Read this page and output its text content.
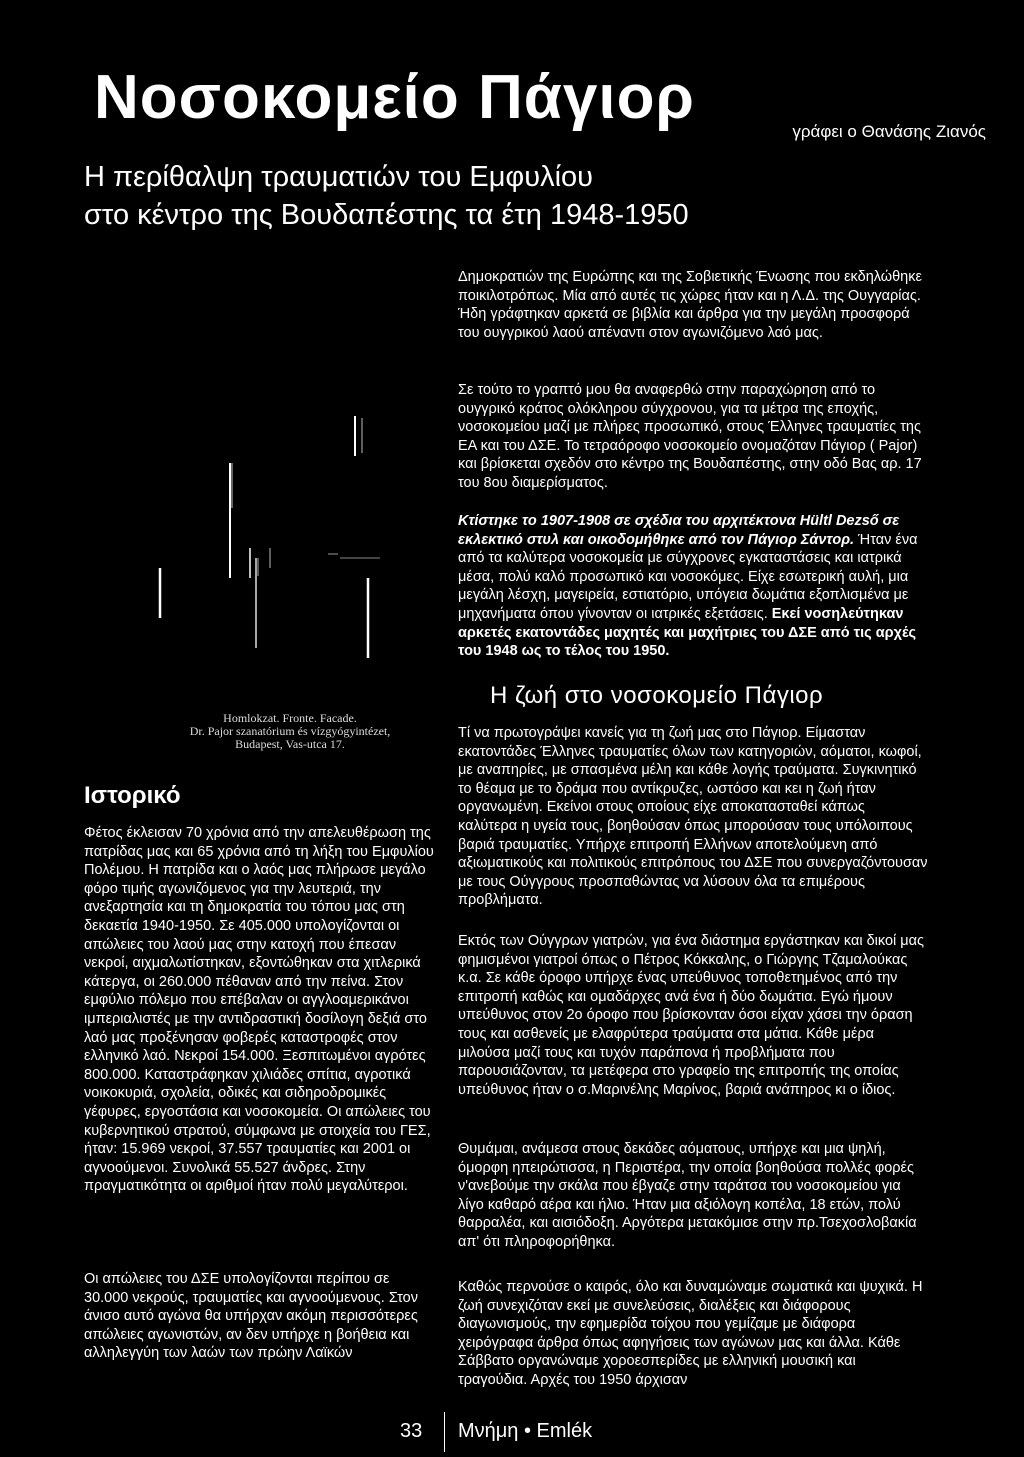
Νοσοκομείο Πάγιορ	γράφει ο Θανάσης Ζιανός
Η περίθαλψη τραυματιών του Εμφυλίου
στο κέντρο της Βουδαπέστης τα έτη 1948-1950
Homlokzat. Fronte. Facade.
Dr. Pajor szanatórium és vízgyógyintézet,
Budapest, Vas-utca 17.

Δημοκρατιών της Ευρώπης και της Σοβιετικής Ένωσης που εκδηλώθηκε ποικιλοτρόπως. Μία από αυτές τις χώρες ήταν και η Λ.Δ. της Ουγγαρίας. Ήδη γράφτηκαν αρκετά σε βιβλία και άρθρα για την μεγάλη προσφορά του ουγγρικού λαού απέναντι στον αγωνιζόμενο λαό μας.

Σε τούτο το γραπτό μου θα αναφερθώ στην παραχώρηση από το ουγγρικό κράτος ολόκληρου σύγχρονου, για τα μέτρα της εποχής, νοσοκομείου μαζί με πλήρες προσωπικό, στους Έλληνες τραυματίες της ΕΑ και του ΔΣΕ. Το τετραόροφο νοσοκομείο ονομαζόταν Πάγιορ ( Pajor) και βρίσκεται σχεδόν στο κέντρο της Βουδαπέστης, στην οδό Βας αρ. 17 του 8ου διαμερίσματος.

Κτίστηκε το 1907-1908 σε σχέδια του αρχιτέκτονα Hültl Dezső σε εκλεκτικό στυλ και οικοδομήθηκε από τον Πάγιορ Σάντορ. Ήταν ένα από τα καλύτερα νοσοκομεία με σύγχρονες εγκαταστάσεις και ιατρικά μέσα, πολύ καλό προσωπικό και νοσοκόμες. Είχε εσωτερική αυλή, μια μεγάλη λέσχη, μαγειρεία, εστιατόριο, υπόγεια δωμάτια εξοπλισμένα με μηχανήματα όπου γίνονταν οι ιατρικές εξετάσεις. Εκεί νοσηλεύτηκαν αρκετές εκατοντάδες μαχητές και μαχήτριες του ΔΣΕ από τις αρχές του 1948 ως το τέλος του 1950.

Η ζωή στο νοσοκομείο Πάγιορ

Τί να πρωτογράψει κανείς για τη ζωή μας στο Πάγιορ. Είμασταν εκατοντάδες Έλληνες τραυματίες όλων των κατηγοριών, αόματοι, κωφοί, με αναπηρίες, με σπασμένα μέλη και κάθε λογής τραύματα. Συγκινητικό το θέαμα με το δράμα που αντίκρυζες, ωστόσο και κει η ζωή ήταν οργανωμένη. Εκείνοι στους οποίους είχε αποκατασταθεί κάπως καλύτερα η υγεία τους, βοηθούσαν όπως μπορούσαν τους υπόλοιπους βαριά τραυματίες. Υπήρχε επιτροπή Ελλήνων αποτελούμενη από αξιωματικούς και πολιτικούς επιτρόπους του ΔΣΕ που συνεργαζόντουσαν με τους Ούγγρους προσπαθώντας να λύσουν όλα τα επιμέρους προβλήματα.

Εκτός των Ούγγρων γιατρών, για ένα διάστημα εργάστηκαν και δικοί μας φημισμένοι γιατροί όπως ο Πέτρος Κόκκαλης, ο Γιώργης Τζαμαλούκας κ.α. Σε κάθε όροφο υπήρχε ένας υπεύθυνος τοποθετημένος από την επιτροπή καθώς και ομαδάρχες ανά ένα ή δύο δωμάτια. Εγώ ήμουν υπεύθυνος στον 2ο όροφο που βρίσκονταν όσοι είχαν χάσει την όραση τους και ασθενείς με ελαφρύτερα τραύματα στα μάτια. Κάθε μέρα μιλούσα μαζί τους και τυχόν παράπονα ή προβλήματα που παρουσιάζονταν, τα μετέφερα στο γραφείο της επιτροπής της οποίας υπεύθυνος ήταν ο σ.Μαρινέλης Μαρίνος, βαριά ανάπηρος κι ο ίδιος.

Θυμάμαι, ανάμεσα στους δεκάδες αόματους, υπήρχε και μια ψηλή, όμορφη ηπειρώτισσα, η Περιστέρα, την οποία βοηθούσα πολλές φορές ν'ανεβούμε την σκάλα που έβγαζε στην ταράτσα του νοσοκομείου για λίγο καθαρό αέρα και ήλιο. Ήταν μια αξιόλογη κοπέλα, 18 ετών, πολύ θαρραλέα, και αισιόδοξη. Αργότερα μετακόμισε στην πρ.Τσεχοσλοβακία απ' ότι πληροφορήθηκα.

Καθώς περνούσε ο καιρός, όλο και δυναμώναμε σωματικά και ψυχικά. Η ζωή συνεχιζόταν εκεί με συνελεύσεις, διαλέξεις και διάφορους διαγωνισμούς, την εφημερίδα τοίχου που γεμίζαμε με διάφορα χειρόγραφα άρθρα όπως αφηγήσεις των αγώνων μας και άλλα. Κάθε Σάββατο οργανώναμε χοροεσπερίδες με ελληνική μουσική και τραγούδια. Αρχές του 1950 άρχισαν

Ιστορικό

Φέτος έκλεισαν 70 χρόνια από την απελευθέρωση της πατρίδας μας και 65 χρόνια από τη λήξη του Εμφυλίου Πολέμου. Η πατρίδα και ο λαός μας πλήρωσε μεγάλο φόρο τιμής αγωνιζόμενος για την λευτεριά, την ανεξαρτησία και τη δημοκρατία του τόπου μας στη δεκαετία 1940-1950. Σε 405.000 υπολογίζονται οι απώλειες του λαού μας στην κατοχή που έπεσαν νεκροί, αιχμαλωτίστηκαν, εξοντώθηκαν στα χιτλερικά κάτεργα, οι 260.000 πέθαναν από την πείνα. Στον εμφύλιο πόλεμο που επέβαλαν οι αγγλοαμερικάνοι ιμπεριαλιστές με την αντιδραστική δοσίλογη δεξιά στο λαό μας προξένησαν φοβερές καταστροφές στον ελληνικό λαό. Νεκροί 154.000. Ξεσπιτωμένοι αγρότες 800.000. Καταστράφηκαν χιλιάδες σπίτια, αγροτικά νοικοκυριά, σχολεία, οδικές και σιδηροδρομικές γέφυρες, εργοστάσια και νοσοκομεία. Οι απώλειες του κυβερνητικού στρατού, σύμφωνα με στοιχεία του ΓΕΣ, ήταν: 15.969 νεκροί, 37.557 τραυματίες και 2001 οι αγνοούμενοι. Συνολικά 55.527 άνδρες. Στην πραγματικότητα οι αριθμοί ήταν πολύ μεγαλύτεροι.

Οι απώλειες του ΔΣΕ υπολογίζονται περίπου σε 30.000 νεκρούς, τραυματίες και αγνοούμενους. Στον άνισο αυτό αγώνα θα υπήρχαν ακόμη περισσότερες απώλειες αγωνιστών, αν δεν υπήρχε η βοήθεια και αλληλεγγύη των λαών των πρώην Λαϊκών

33 Μνήμη • Emlék
